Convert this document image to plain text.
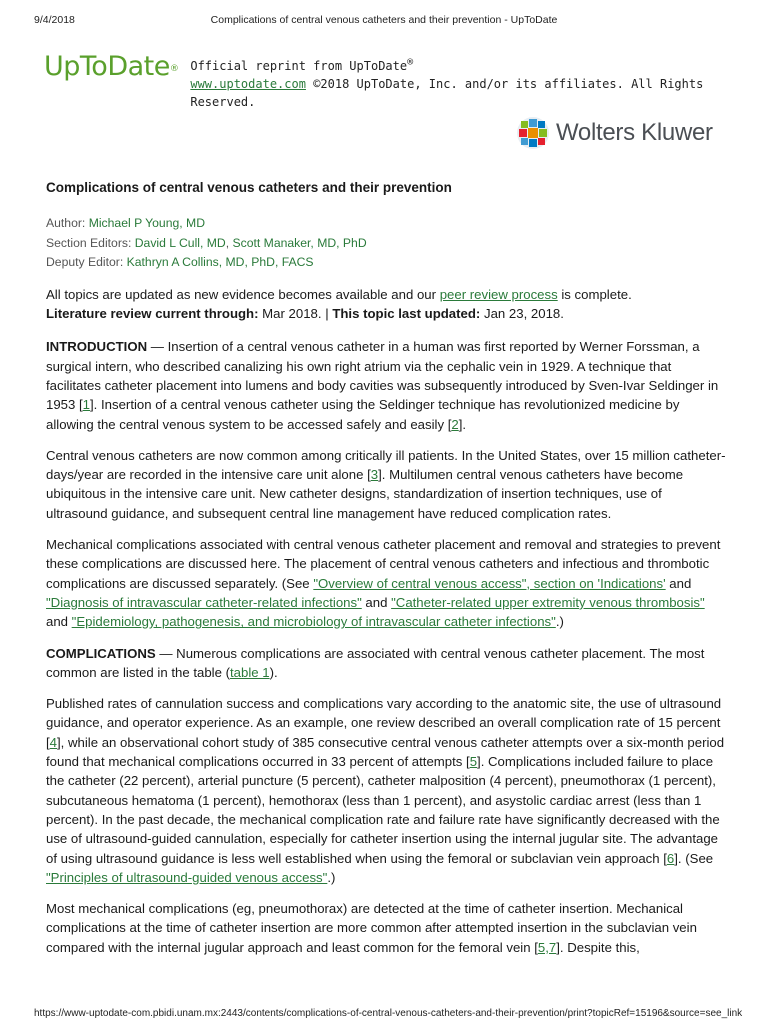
9/4/2018	Complications of central venous catheters and their prevention - UpToDate
UpToDate® Official reprint from UpToDate®
www.uptodate.com ©2018 UpToDate, Inc. and/or its affiliates. All Rights Reserved.
Wolters Kluwer
Complications of central venous catheters and their prevention
Author: Michael P Young, MD
Section Editors: David L Cull, MD, Scott Manaker, MD, PhD
Deputy Editor: Kathryn A Collins, MD, PhD, FACS
All topics are updated as new evidence becomes available and our peer review process is complete.
Literature review current through: Mar 2018. | This topic last updated: Jan 23, 2018.

INTRODUCTION — Insertion of a central venous catheter in a human was first reported by Werner Forssman, a surgical intern, who described canalizing his own right atrium via the cephalic vein in 1929. A technique that facilitates catheter placement into lumens and body cavities was subsequently introduced by Sven-Ivar Seldinger in 1953 [1]. Insertion of a central venous catheter using the Seldinger technique has revolutionized medicine by allowing the central venous system to be accessed safely and easily [2].

Central venous catheters are now common among critically ill patients. In the United States, over 15 million catheter-days/year are recorded in the intensive care unit alone [3]. Multilumen central venous catheters have become ubiquitous in the intensive care unit. New catheter designs, standardization of insertion techniques, use of ultrasound guidance, and subsequent central line management have reduced complication rates.

Mechanical complications associated with central venous catheter placement and removal and strategies to prevent these complications are discussed here. The placement of central venous catheters and infectious and thrombotic complications are discussed separately. (See "Overview of central venous access", section on 'Indications' and "Diagnosis of intravascular catheter-related infections" and "Catheter-related upper extremity venous thrombosis" and "Epidemiology, pathogenesis, and microbiology of intravascular catheter infections".)

COMPLICATIONS — Numerous complications are associated with central venous catheter placement. The most common are listed in the table (table 1).

Published rates of cannulation success and complications vary according to the anatomic site, the use of ultrasound guidance, and operator experience. As an example, one review described an overall complication rate of 15 percent [4], while an observational cohort study of 385 consecutive central venous catheter attempts over a six-month period found that mechanical complications occurred in 33 percent of attempts [5]. Complications included failure to place the catheter (22 percent), arterial puncture (5 percent), catheter malposition (4 percent), pneumothorax (1 percent), subcutaneous hematoma (1 percent), hemothorax (less than 1 percent), and asystolic cardiac arrest (less than 1 percent). In the past decade, the mechanical complication rate and failure rate have significantly decreased with the use of ultrasound-guided cannulation, especially for catheter insertion using the internal jugular site. The advantage of using ultrasound guidance is less well established when using the femoral or subclavian vein approach [6]. (See "Principles of ultrasound-guided venous access".)

Most mechanical complications (eg, pneumothorax) are detected at the time of catheter insertion. Mechanical complications at the time of catheter insertion are more common after attempted insertion in the subclavian vein compared with the internal jugular approach and least common for the femoral vein [5,7]. Despite this,

https://www-uptodate-com.pbidi.unam.mx:2443/contents/complications-of-central-venous-catheters-and-their-prevention/print?topicRef=15196&source=see_link
